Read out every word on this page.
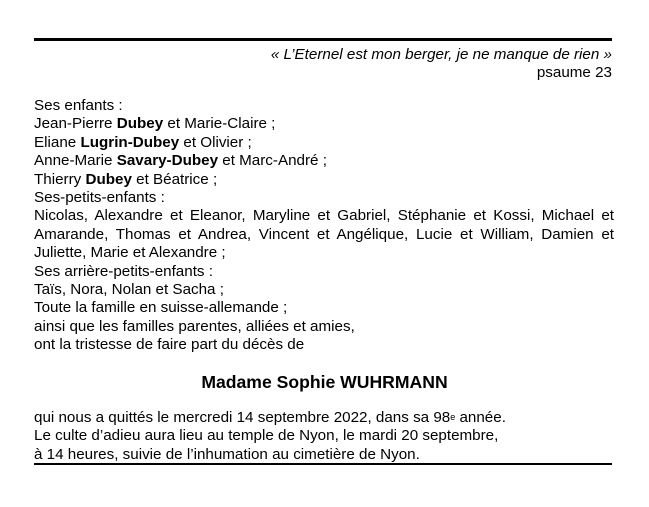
« L’Eternel est mon berger, je ne manque de rien »
psaume 23
Ses enfants :
Jean-Pierre Dubey et Marie-Claire ;
Eliane Lugrin-Dubey et Olivier ;
Anne-Marie Savary-Dubey et Marc-André ;
Thierry Dubey et Béatrice ;
Ses-petits-enfants :
Nicolas, Alexandre et Eleanor, Maryline et Gabriel, Stéphanie et Kossi, Michael et Amarande, Thomas et Andrea, Vincent et Angélique, Lucie et William, Damien et Juliette, Marie et Alexandre ;
Ses arrière-petits-enfants :
Taïs, Nora, Nolan et Sacha ;
Toute la famille en suisse-allemande ;
ainsi que les familles parentes, alliées et amies,
ont la tristesse de faire part du décès de
Madame Sophie WUHRMANN
qui nous a quittés le mercredi 14 septembre 2022, dans sa 98e année.
Le culte d’adieu aura lieu au temple de Nyon, le mardi 20 septembre,
à 14 heures, suivie de l’inhumation au cimetière de Nyon.
